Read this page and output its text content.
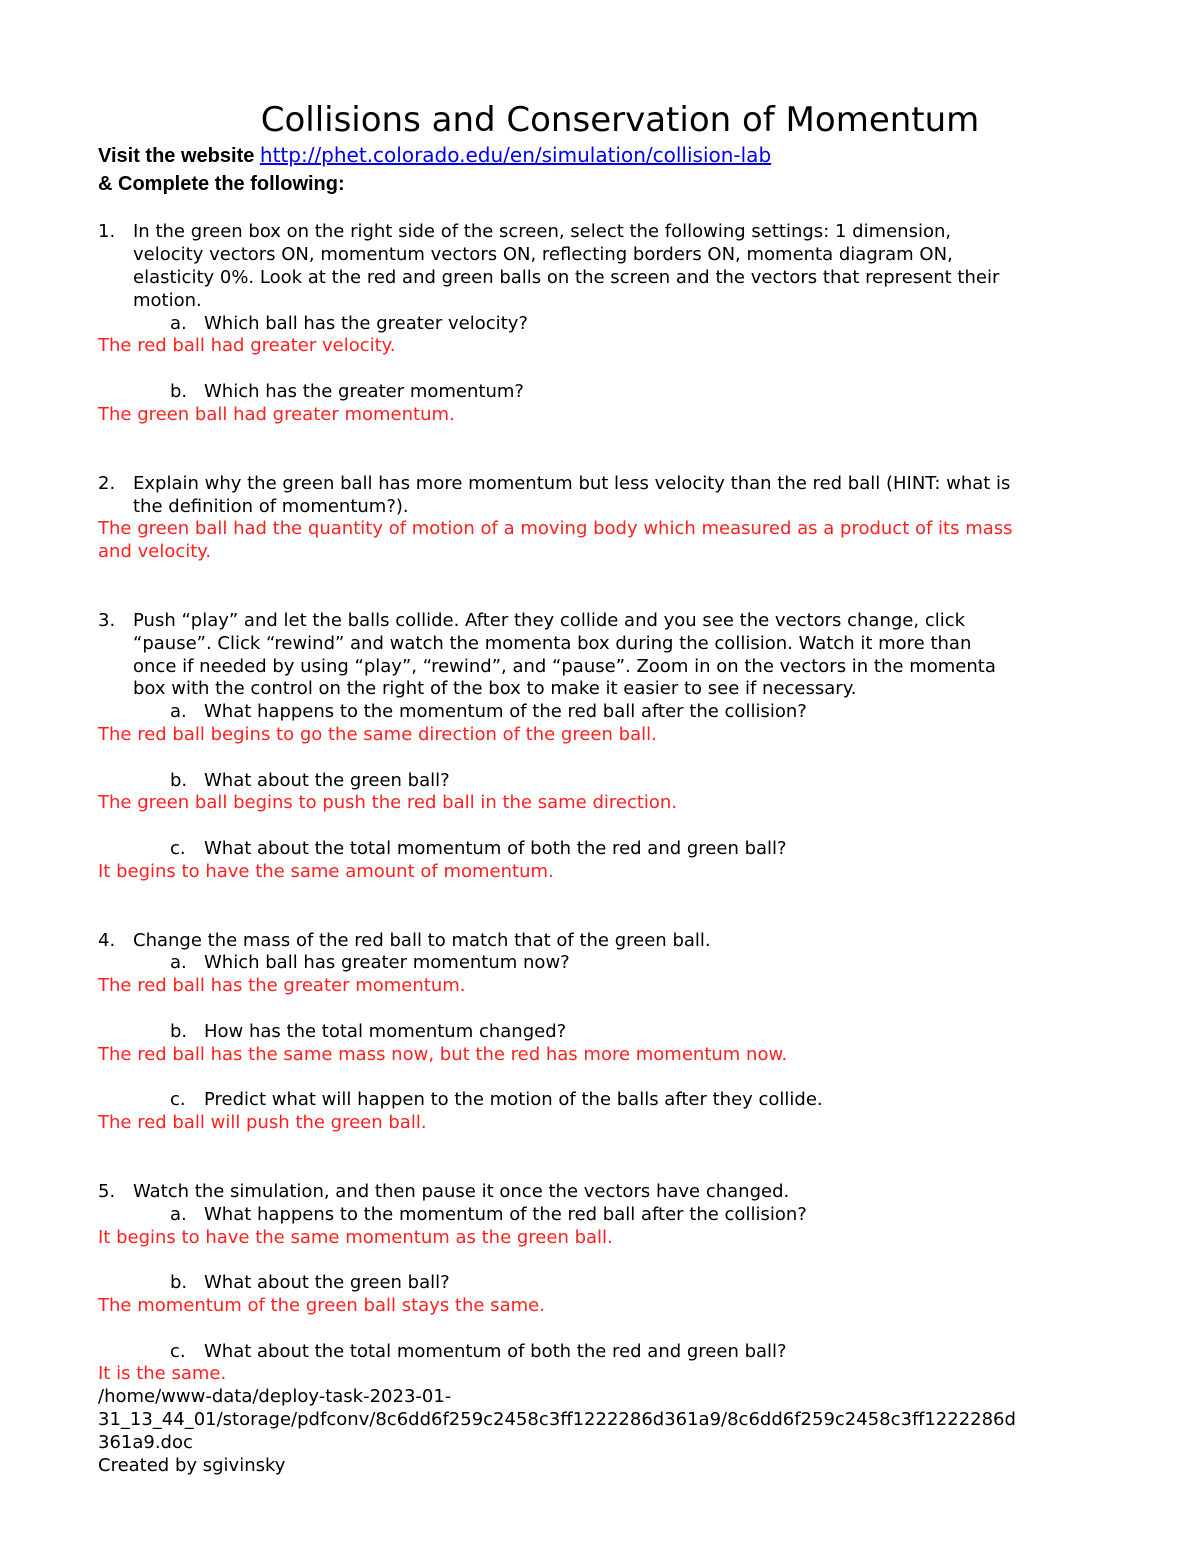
Collisions and Conservation of Momentum
Visit the website http://phet.colorado.edu/en/simulation/collision-lab
& Complete the following:
1. In the green box on the right side of the screen, select the following settings: 1 dimension,
velocity vectors ON, momentum vectors ON, reflecting borders ON, momenta diagram ON,
elasticity 0%. Look at the red and green balls on the screen and the vectors that represent their
motion.
a. Which ball has the greater velocity?
The red ball had greater velocity.
b. Which has the greater momentum?
The green ball had greater momentum.
2. Explain why the green ball has more momentum but less velocity than the red ball (HINT: what is
the definition of momentum?).
The green ball had the quantity of motion of a moving body which measured as a product of its mass
and velocity.
3. Push “play” and let the balls collide. After they collide and you see the vectors change, click
“pause”. Click “rewind” and watch the momenta box during the collision. Watch it more than
once if needed by using “play”, “rewind”, and “pause”. Zoom in on the vectors in the momenta
box with the control on the right of the box to make it easier to see if necessary.
a. What happens to the momentum of the red ball after the collision?
The red ball begins to go the same direction of the green ball.
b. What about the green ball?
The green ball begins to push the red ball in the same direction.
c. What about the total momentum of both the red and green ball?
It begins to have the same amount of momentum.
4. Change the mass of the red ball to match that of the green ball.
a. Which ball has greater momentum now?
The red ball has the greater momentum.
b. How has the total momentum changed?
The red ball has the same mass now, but the red has more momentum now.
c. Predict what will happen to the motion of the balls after they collide.
The red ball will push the green ball.
5. Watch the simulation, and then pause it once the vectors have changed.
a. What happens to the momentum of the red ball after the collision?
It begins to have the same momentum as the green ball.
b. What about the green ball?
The momentum of the green ball stays the same.
c. What about the total momentum of both the red and green ball?
It is the same.
/home/www-data/deploy-task-2023-01-
31_13_44_01/storage/pdfconv/8c6dd6f259c2458c3ff1222286d361a9/8c6dd6f259c2458c3ff1222286d
361a9.doc
Created by sgivinsky
